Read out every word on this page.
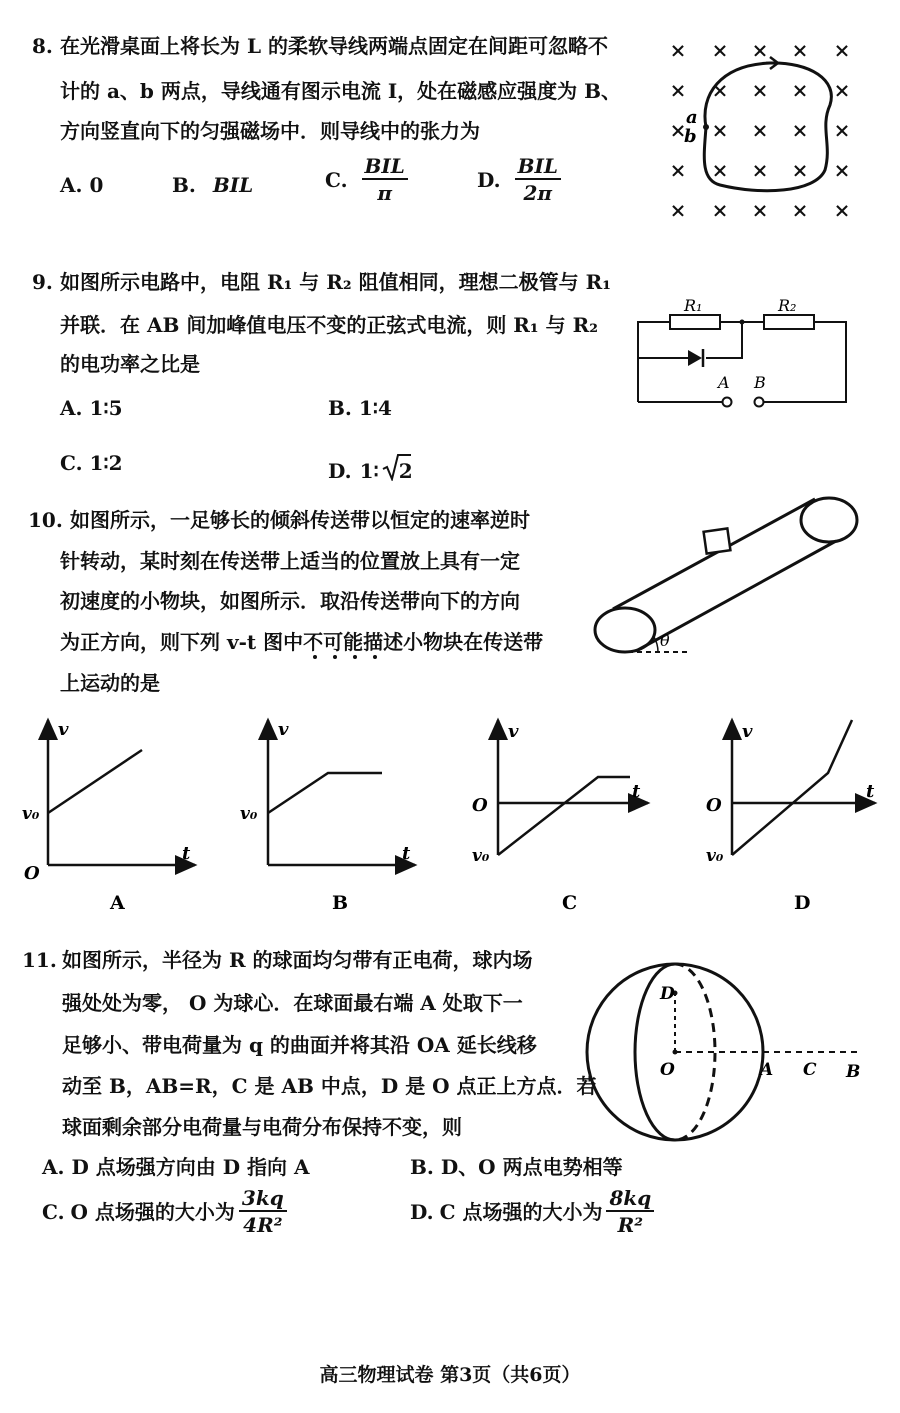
8. 在光滑桌面上将长为 L 的柔软导线两端点固定在间距可忽略不
计的 a、b 两点，导线通有图示电流 I，处在磁感应强度为 B、
方向竖直向下的匀强磁场中．则导线中的张力为
A. 0	B. BIL	C. $\frac{\text{BIL}}{\pi}$	D. $\frac{\text{BIL}}{2\pi}$
× × × × ×
× × × × ×
× × × × ×
× × × × ×
× × × × ×
a
b
9. 如图所示电路中，电阻 R₁ 与 R₂ 阻值相同，理想二极管与 R₁
并联．在 AB 间加峰值电压不变的正弦式电流，则 R₁ 与 R₂
的电功率之比是
A. 1∶5	B. 1∶4
C. 1∶2	D. 1∶ 2
R₁	R₂
A B
10. 如图所示，一足够长的倾斜传送带以恒定的速率逆时
针转动，某时刻在传送带上适当的位置放上具有一定
初速度的小物块，如图所示．取沿传送带向下的方向
为正方向，则下列 v-t 图中不可能描述小物块在传送带
上运动的是
θ
v
t
v₀
O
A
v
t
v₀
B
v
t
O
v₀
C
v
t
O
v₀
D
11. 如图所示，半径为 R 的球面均匀带有正电荷，球内场
强处处为零， O 为球心．在球面最右端 A 处取下一
足够小、带电荷量为 q 的曲面并将其沿 OA 延长线移
动至 B，AB=R，C 是 AB 中点，D 是 O 点正上方点．若
球面剩余部分电荷量与电荷分布保持不变，则
A. D 点场强方向由 D 指向 A	B. D、O 两点电势相等
C. O 点场强的大小为 $\frac{3kq}{\text{4R²}}$	D. C 点场强的大小为 $\frac{8kq}{\text{R²}}$
D
O	A C B
高三物理试卷 第3页（共6页）
